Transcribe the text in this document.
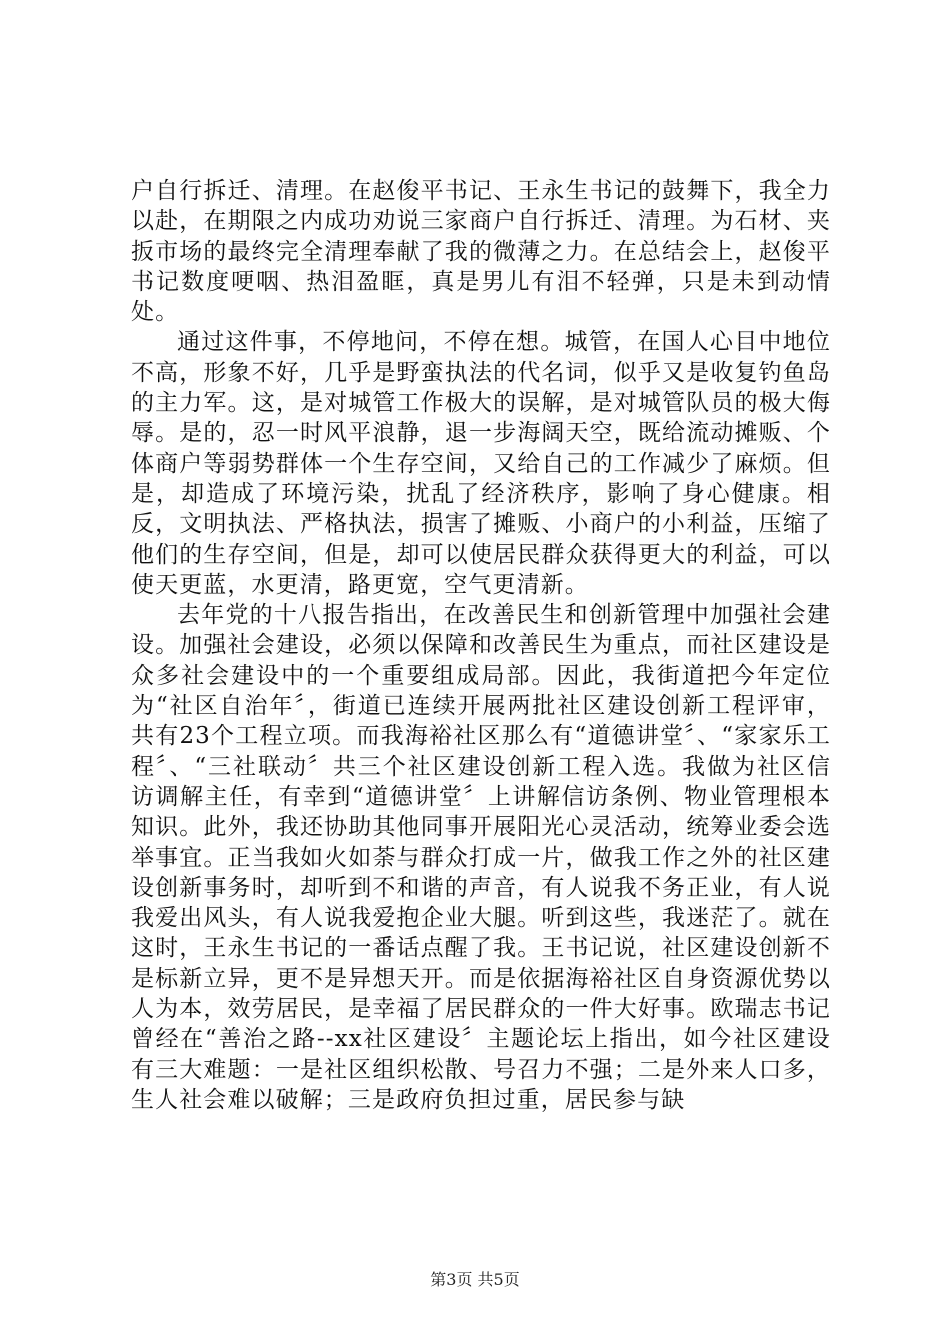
户自行拆迁、清理。在赵俊平书记、王永生书记的鼓舞下，我全力以赴，在期限之内成功劝说三家商户自行拆迁、清理。为石材、夹扳市场的最终完全清理奉献了我的微薄之力。在总结会上，赵俊平书记数度哽咽、热泪盈眶，真是男儿有泪不轻弹，只是未到动情处。

通过这件事，不停地问，不停在想。城管，在国人心目中地位不高，形象不好，几乎是野蛮执法的代名词，似乎又是收复钓鱼岛的主力军。这，是对城管工作极大的误解，是对城管队员的极大侮辱。是的，忍一时风平浪静，退一步海阔天空，既给流动摊贩、个体商户等弱势群体一个生存空间，又给自己的工作减少了麻烦。但是，却造成了环境污染，扰乱了经济秩序，影响了身心健康。相反，文明执法、严格执法，损害了摊贩、小商户的小利益，压缩了他们的生存空间，但是，却可以使居民群众获得更大的利益，可以使天更蓝，水更清，路更宽，空气更清新。

去年党的十八报告指出，在改善民生和创新管理中加强社会建设。加强社会建设，必须以保障和改善民生为重点，而社区建设是众多社会建设中的一个重要组成局部。因此，我街道把今年定位为“社区自治年〞，街道已连续开展两批社区建设创新工程评审，共有23个工程立项。而我海裕社区那么有“道德讲堂〞、“家家乐工程〞、“三社联动〞共三个社区建设创新工程入选。我做为社区信访调解主任，有幸到“道德讲堂〞上讲解信访条例、物业管理根本知识。此外，我还协助其他同事开展阳光心灵活动，统筹业委会选举事宜。正当我如火如荼与群众打成一片，做我工作之外的社区建设创新事务时，却听到不和谐的声音，有人说我不务正业，有人说我爱出风头，有人说我爱抱企业大腿。听到这些，我迷茫了。就在这时，王永生书记的一番话点醒了我。王书记说，社区建设创新不是标新立异，更不是异想天开。而是依据海裕社区自身资源优势以人为本，效劳居民，是幸福了居民群众的一件大好事。欧瑞志书记曾经在“善治之路--xx社区建设〞主题论坛上指出，如今社区建设有三大难题：一是社区组织松散、号召力不强；二是外来人口多，生人社会难以破解；三是政府负担过重，居民参与缺

第3页 共5页
